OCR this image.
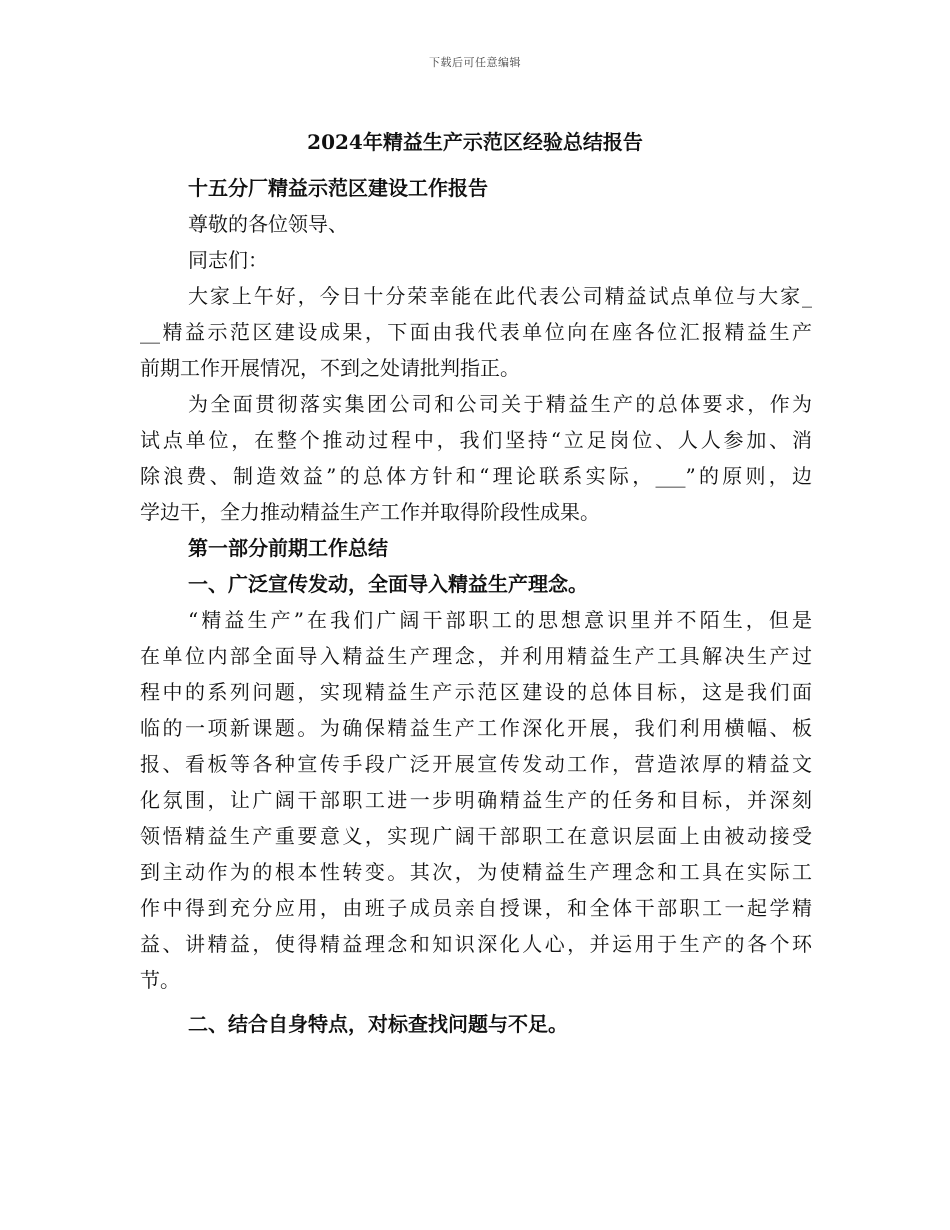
下载后可任意编辑
2024年精益生产示范区经验总结报告
十五分厂精益示范区建设工作报告
尊敬的各位领导、
同志们：
大家上午好，今日十分荣幸能在此代表公司精益试点单位与大家_
__精益示范区建设成果，下面由我代表单位向在座各位汇报精益生产
前期工作开展情况，不到之处请批判指正。
为全面贯彻落实集团公司和公司关于精益生产的总体要求，作为
试点单位，在整个推动过程中，我们坚持“立足岗位、人人参加、消
除浪费、制造效益”的总体方针和“理论联系实际，___”的原则，边
学边干，全力推动精益生产工作并取得阶段性成果。
第一部分前期工作总结
一、广泛宣传发动，全面导入精益生产理念。
“精益生产”在我们广阔干部职工的思想意识里并不陌生，但是
在单位内部全面导入精益生产理念，并利用精益生产工具解决生产过
程中的系列问题，实现精益生产示范区建设的总体目标，这是我们面
临的一项新课题。为确保精益生产工作深化开展，我们利用横幅、板
报、看板等各种宣传手段广泛开展宣传发动工作，营造浓厚的精益文
化氛围，让广阔干部职工进一步明确精益生产的任务和目标，并深刻
领悟精益生产重要意义，实现广阔干部职工在意识层面上由被动接受
到主动作为的根本性转变。其次，为使精益生产理念和工具在实际工
作中得到充分应用，由班子成员亲自授课，和全体干部职工一起学精
益、讲精益，使得精益理念和知识深化人心，并运用于生产的各个环
节。
二、结合自身特点，对标查找问题与不足。
